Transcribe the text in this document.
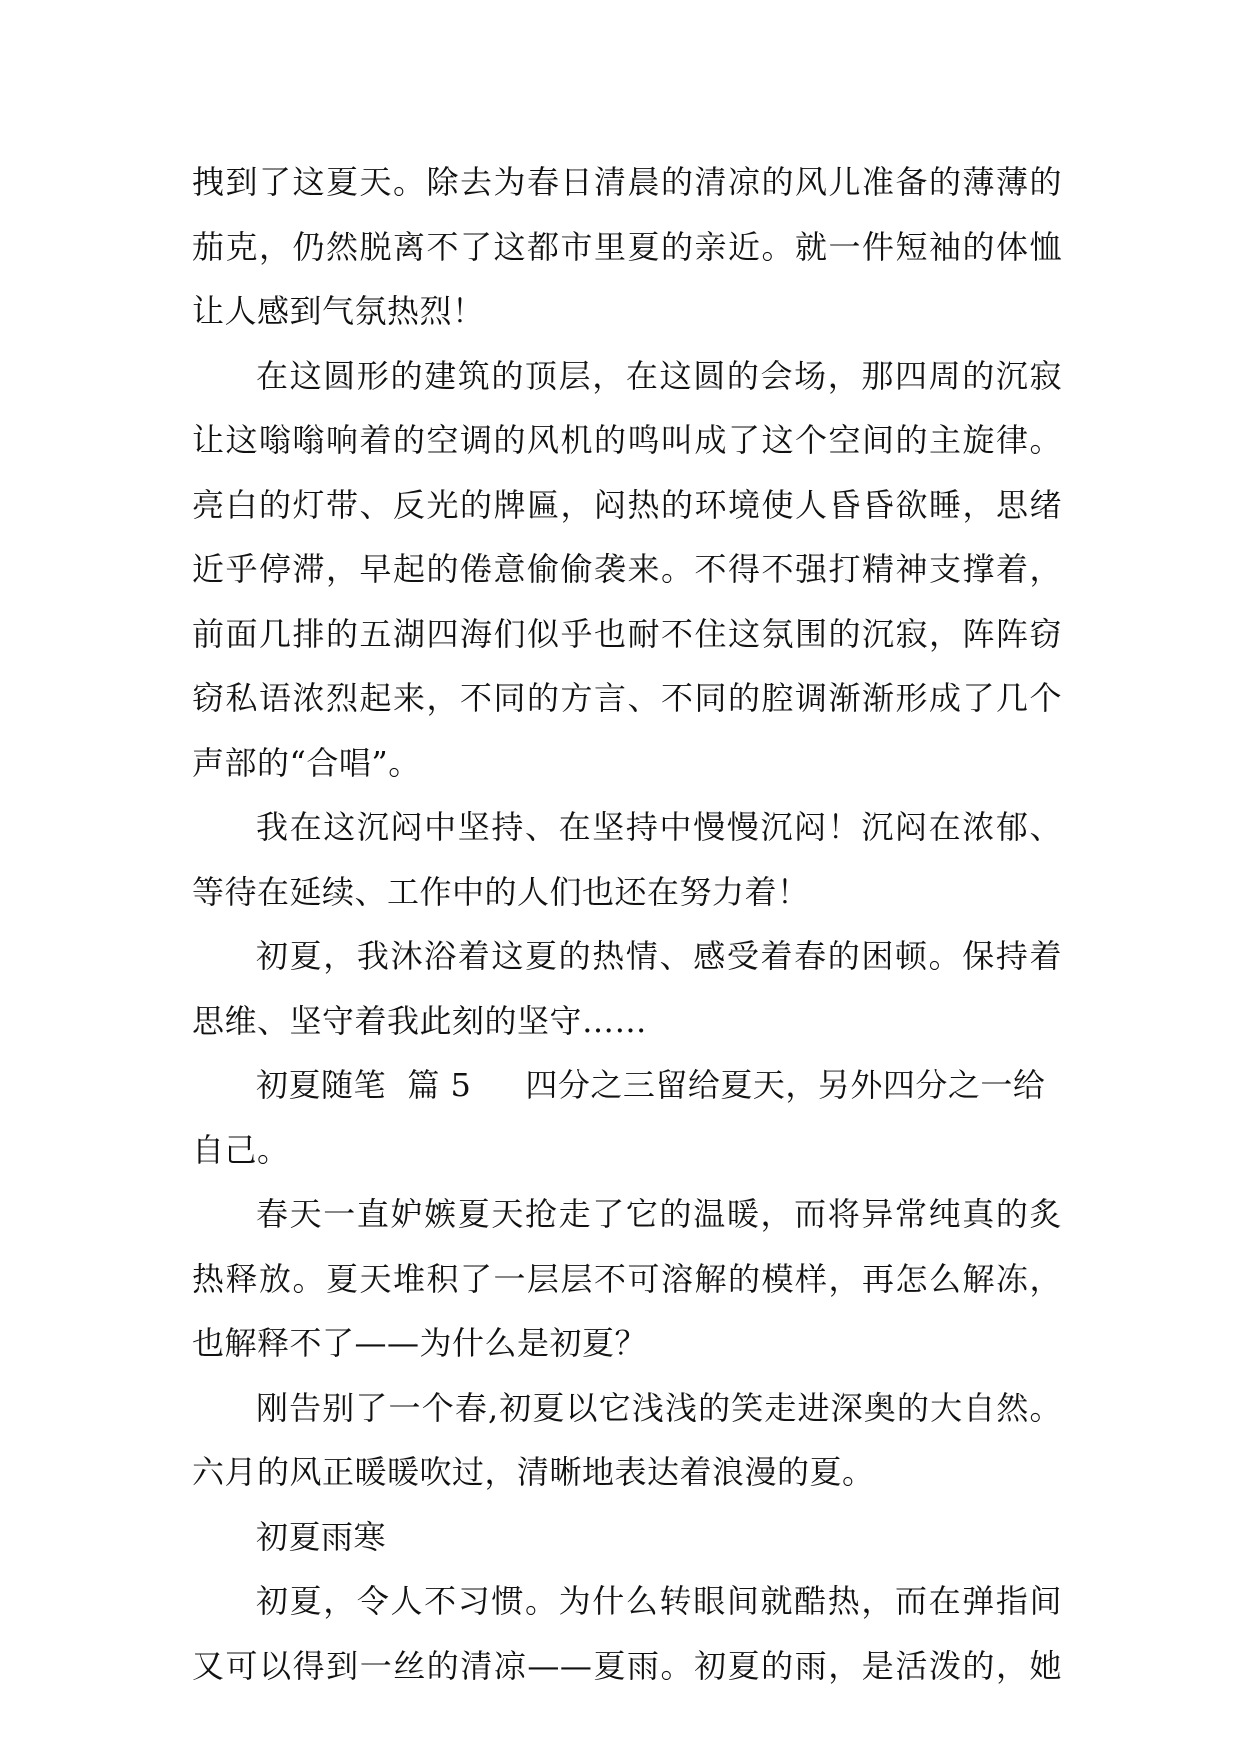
拽到了这夏天。除去为春日清晨的清凉的风儿准备的薄薄的
茄克，仍然脱离不了这都市里夏的亲近。就一件短袖的体恤
让人感到气氛热烈！
在这圆形的建筑的顶层，在这圆的会场，那四周的沉寂
让这嗡嗡响着的空调的风机的鸣叫成了这个空间的主旋律。
亮白的灯带、反光的牌匾，闷热的环境使人昏昏欲睡，思绪
近乎停滞，早起的倦意偷偷袭来。不得不强打精神支撑着，
前面几排的五湖四海们似乎也耐不住这氛围的沉寂，阵阵窃
窃私语浓烈起来，不同的方言、不同的腔调渐渐形成了几个
声部的“合唱”。
我在这沉闷中坚持、在坚持中慢慢沉闷！沉闷在浓郁、
等待在延续、工作中的人们也还在努力着！
初夏，我沐浴着这夏的热情、感受着春的困顿。保持着
思维、坚守着我此刻的坚守……
初夏随笔 篇 5 四分之三留给夏天，另外四分之一给
自己。
春天一直妒嫉夏天抢走了它的温暖，而将异常纯真的炙
热释放。夏天堆积了一层层不可溶解的模样，再怎么解冻，
也解释不了——为什么是初夏？
刚告别了一个春,初夏以它浅浅的笑走进深奥的大自然。
六月的风正暖暖吹过，清晰地表达着浪漫的夏。
初夏雨寒
初夏，令人不习惯。为什么转眼间就酷热，而在弹指间
又可以得到一丝的清凉——夏雨。初夏的雨，是活泼的，她
